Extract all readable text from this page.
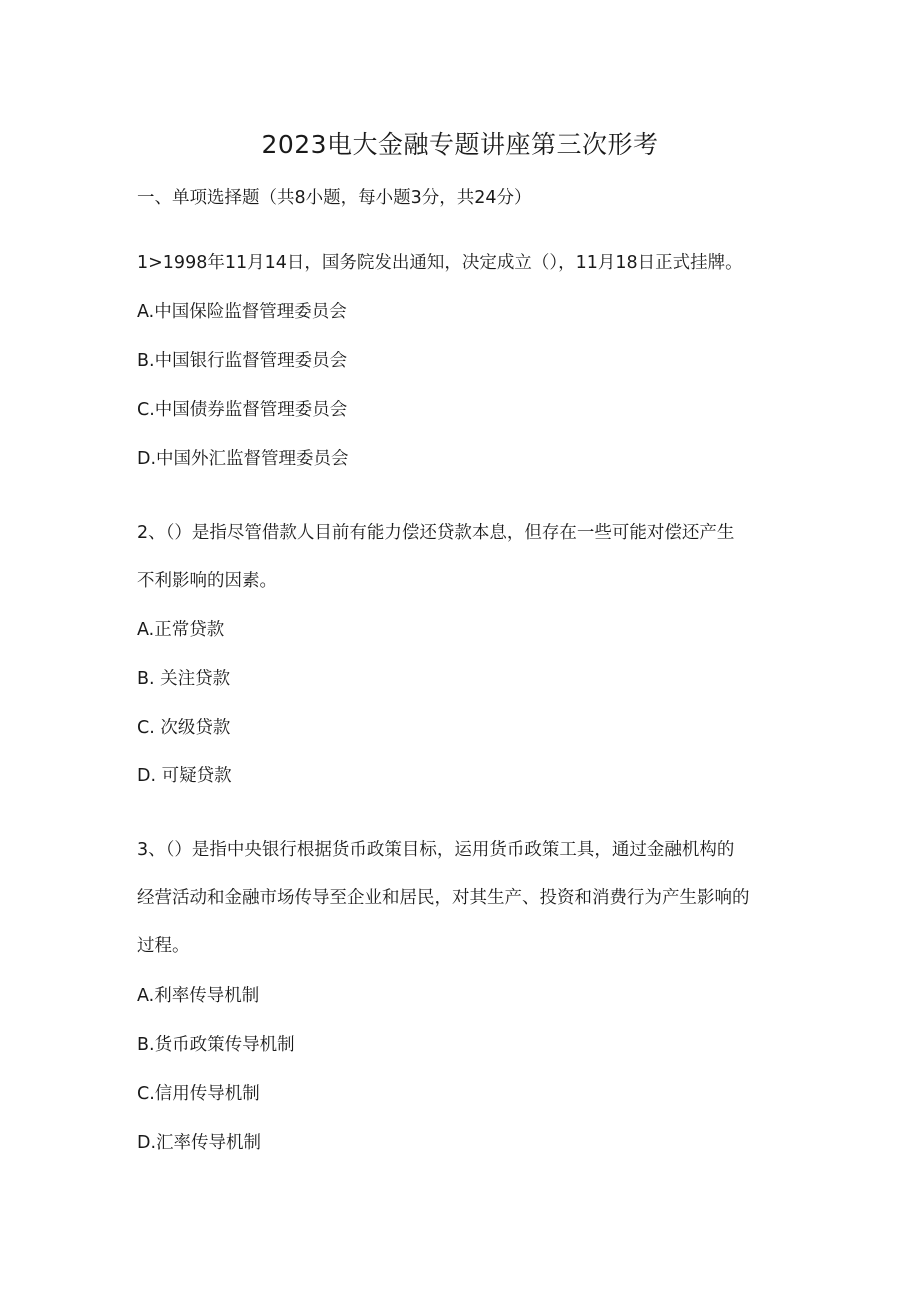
2023电大金融专题讲座第三次形考
一、单项选择题（共8小题，每小题3分，共24分）
1>1998年11月14日，国务院发出通知，决定成立（），11月18日正式挂牌。
A.中国保险监督管理委员会
B.中国银行监督管理委员会
C.中国债券监督管理委员会
D.中国外汇监督管理委员会
2、（）是指尽管借款人目前有能力偿还贷款本息，但存在一些可能对偿还产生
不利影响的因素。
A.正常贷款
B. 关注贷款
C. 次级贷款
D. 可疑贷款
3、（）是指中央银行根据货币政策目标，运用货币政策工具，通过金融机构的
经营活动和金融市场传导至企业和居民，对其生产、投资和消费行为产生影响的
过程。
A.利率传导机制
B.货币政策传导机制
C.信用传导机制
D.汇率传导机制
